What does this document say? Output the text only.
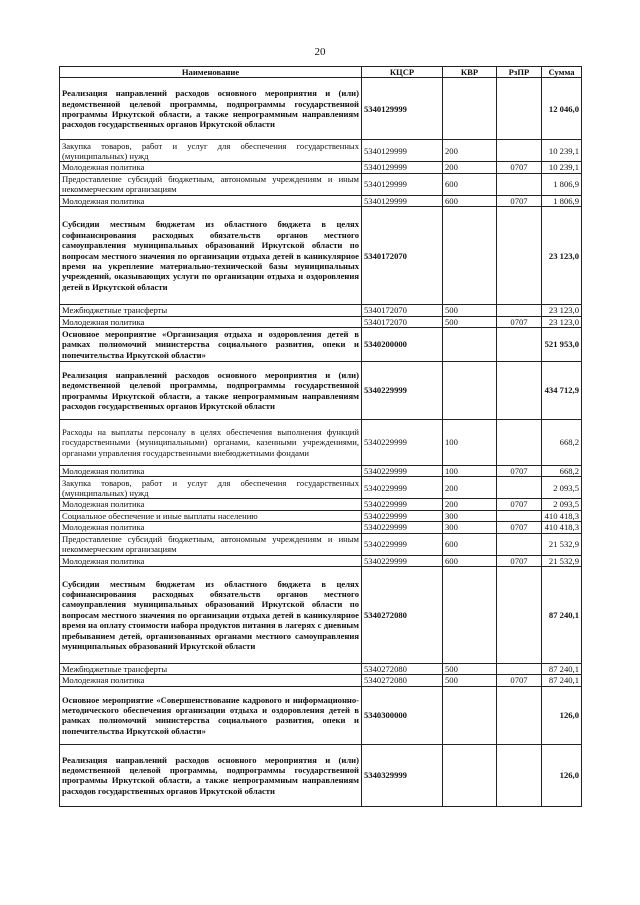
20
Наименование	КЦСР	КВР	РзПР	Сумма
Реализация направлений расходов основного мероприятия и (или) ведомственной целевой программы, подпрограммы государственной программы Иркутской области, а также непрограммным направлениям расходов государственных органов Иркутской области	5340129999			12 046,0
Закупка товаров, работ и услуг для обеспечения государственных (муниципальных) нужд	5340129999	200		10 239,1
Молодежная политика	5340129999	200	0707	10 239,1
Предоставление субсидий бюджетным, автономным учреждениям и иным некоммерческим организациям	5340129999	600		1 806,9
Молодежная политика	5340129999	600	0707	1 806,9
Субсидии местным бюджетам из областного бюджета в целях софинансирования расходных обязательств органов местного самоуправления муниципальных образований Иркутской области по вопросам местного значения по организации отдыха детей в каникулярное время на укрепление материально-технической базы муниципальных учреждений, оказывающих услуги по организации отдыха и оздоровления детей в Иркутской области	5340172070			23 123,0
Межбюджетные трансферты	5340172070	500		23 123,0
Молодежная политика	5340172070	500	0707	23 123,0
Основное мероприятие «Организация отдыха и оздоровления детей в рамках полномочий министерства социального развития, опеки и попечительства Иркутской области»	5340200000			521 953,0
Реализация направлений расходов основного мероприятия и (или) ведомственной целевой программы, подпрограммы государственной программы Иркутской области, а также непрограммным направлениям расходов государственных органов Иркутской области	5340229999			434 712,9
Расходы на выплаты персоналу в целях обеспечения выполнения функций государственными (муниципальными) органами, казенными учреждениями, органами управления государственными внебюджетными фондами	5340229999	100		668,2
Молодежная политика	5340229999	100	0707	668,2
Закупка товаров, работ и услуг для обеспечения государственных (муниципальных) нужд	5340229999	200		2 093,5
Молодежная политика	5340229999	200	0707	2 093,5
Социальное обеспечение и иные выплаты населению	5340229999	300		410 418,3
Молодежная политика	5340229999	300	0707	410 418,3
Предоставление субсидий бюджетным, автономным учреждениям и иным некоммерческим организациям	5340229999	600		21 532,9
Молодежная политика	5340229999	600	0707	21 532,9
Субсидии местным бюджетам из областного бюджета в целях софинансирования расходных обязательств органов местного самоуправления муниципальных образований Иркутской области по вопросам местного значения по организации отдыха детей в каникулярное время на оплату стоимости набора продуктов питания в лагерях с дневным пребыванием детей, организованных органами местного самоуправления муниципальных образований Иркутской области	5340272080			87 240,1
Межбюджетные трансферты	5340272080	500		87 240,1
Молодежная политика	5340272080	500	0707	87 240,1
Основное мероприятие «Совершенствование кадрового и информационно-методического обеспечения организации отдыха и оздоровления детей в рамках полномочий министерства социального развития, опеки и попечительства Иркутской области»	5340300000			126,0
Реализация направлений расходов основного мероприятия и (или) ведомственной целевой программы, подпрограммы государственной программы Иркутской области, а также непрограммным направлениям расходов государственных органов Иркутской области	5340329999			126,0
